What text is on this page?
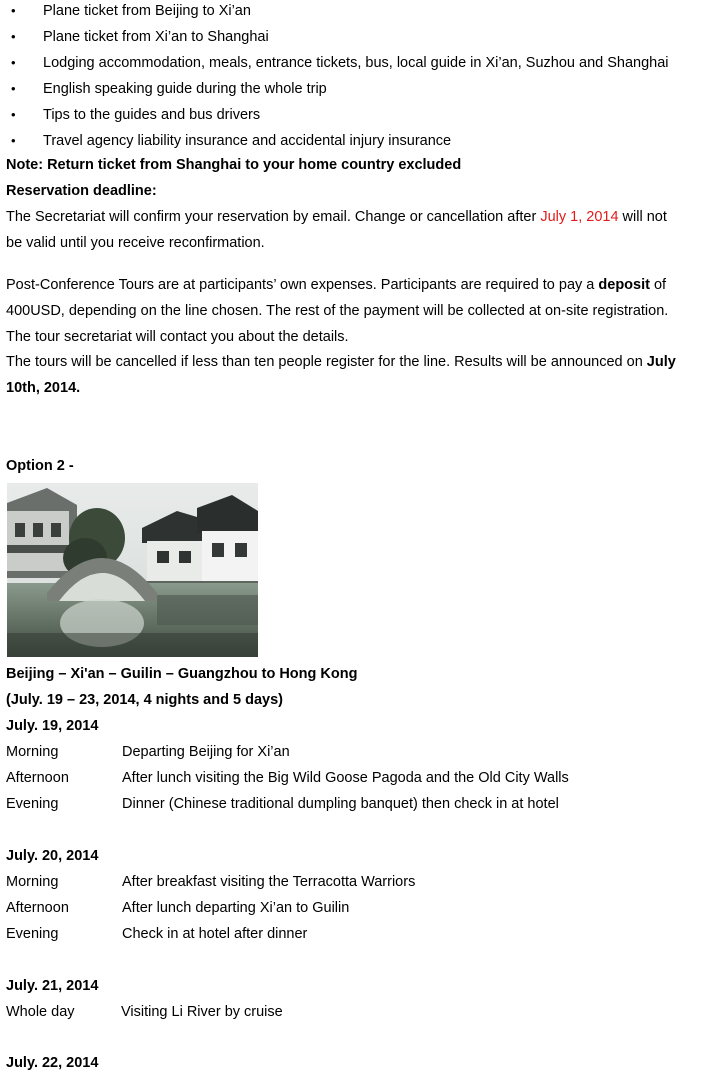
• Plane ticket from Beijing to Xi’an
• Plane ticket from Xi’an to Shanghai
• Lodging accommodation, meals, entrance tickets, bus, local guide in Xi’an, Suzhou and Shanghai
• English speaking guide during the whole trip
• Tips to the guides and bus drivers
• Travel agency liability insurance and accidental injury insurance
Note: Return ticket from Shanghai to your home country excluded
Reservation deadline:
The Secretariat will confirm your reservation by email. Change or cancellation after July 1, 2014 will not
be valid until you receive reconfirmation.
Post-Conference Tours are at participants’ own expenses. Participants are required to pay a deposit of
400USD, depending on the line chosen. The rest of the payment will be collected at on-site registration.
The tour secretariat will contact you about the details.
The tours will be cancelled if less than ten people register for the line. Results will be announced on July
10th, 2014.
Option 2 -
Beijing – Xi'an – Guilin – Guangzhou to Hong Kong
(July. 19 – 23, 2014, 4 nights and 5 days)
July. 19, 2014
Morning	Departing Beijing for Xi’an
Afternoon	After lunch visiting the Big Wild Goose Pagoda and the Old City Walls
Evening	Dinner (Chinese traditional dumpling banquet) then check in at hotel
July. 20, 2014
Morning	After breakfast visiting the Terracotta Warriors
Afternoon	After lunch departing Xi’an to Guilin
Evening	Check in at hotel after dinner
July. 21, 2014
Whole day	Visiting Li River by cruise
July. 22, 2014
